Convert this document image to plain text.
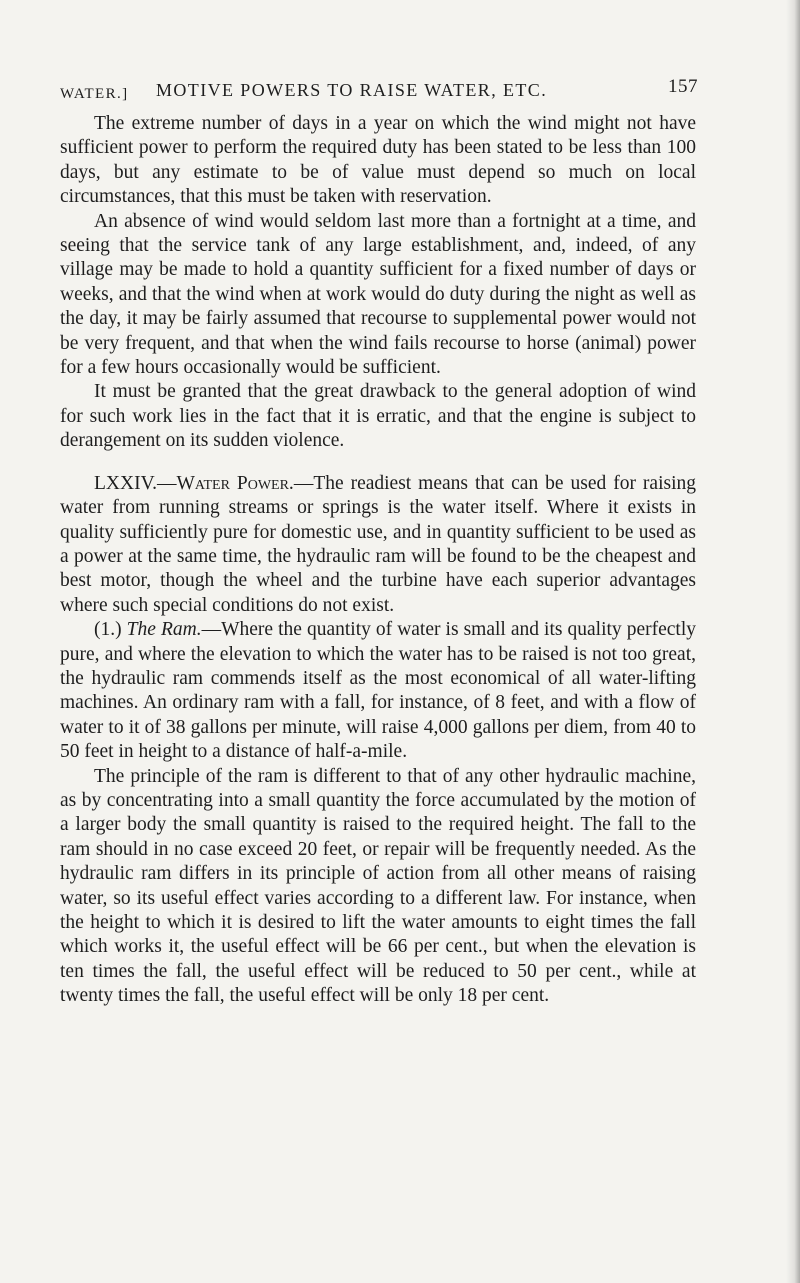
WATER.] MOTIVE POWERS TO RAISE WATER, ETC.	157

The extreme number of days in a year on which the wind might not have sufficient power to perform the required duty has been stated to be less than 100 days, but any estimate to be of value must depend so much on local circumstances, that this must be taken with reservation.

An absence of wind would seldom last more than a fortnight at a time, and seeing that the service tank of any large establishment, and, indeed, of any village may be made to hold a quantity sufficient for a fixed number of days or weeks, and that the wind when at work would do duty during the night as well as the day, it may be fairly assumed that recourse to supplemental power would not be very frequent, and that when the wind fails recourse to horse (animal) power for a few hours occasionally would be sufficient.

It must be granted that the great drawback to the general adoption of wind for such work lies in the fact that it is erratic, and that the engine is subject to derangement on its sudden violence.

LXXIV.—Water Power.—The readiest means that can be used for raising water from running streams or springs is the water itself. Where it exists in quality sufficiently pure for domestic use, and in quantity sufficient to be used as a power at the same time, the hydraulic ram will be found to be the cheapest and best motor, though the wheel and the turbine have each superior advantages where such special conditions do not exist.

(1.) The Ram.—Where the quantity of water is small and its quality perfectly pure, and where the elevation to which the water has to be raised is not too great, the hydraulic ram commends itself as the most economical of all water-lifting machines. An ordinary ram with a fall, for instance, of 8 feet, and with a flow of water to it of 38 gallons per minute, will raise 4,000 gallons per diem, from 40 to 50 feet in height to a distance of half-a-mile.

The principle of the ram is different to that of any other hydraulic machine, as by concentrating into a small quantity the force accumulated by the motion of a larger body the small quantity is raised to the required height. The fall to the ram should in no case exceed 20 feet, or repair will be frequently needed. As the hydraulic ram differs in its principle of action from all other means of raising water, so its useful effect varies according to a different law. For instance, when the height to which it is desired to lift the water amounts to eight times the fall which works it, the useful effect will be 66 per cent., but when the elevation is ten times the fall, the useful effect will be reduced to 50 per cent., while at twenty times the fall, the useful effect will be only 18 per cent.
